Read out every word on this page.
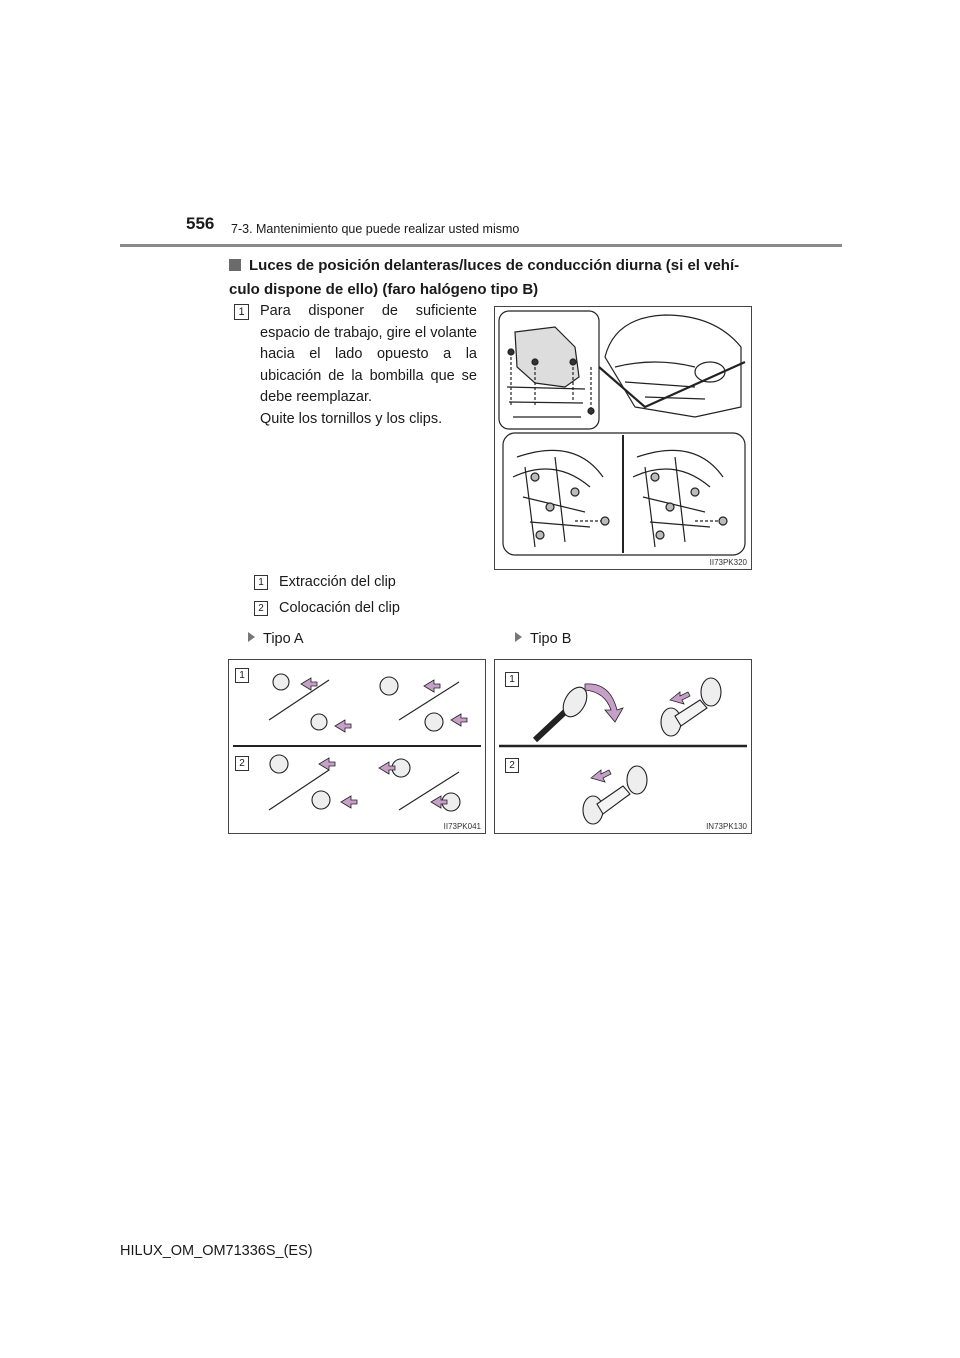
556 7-3. Mantenimiento que puede realizar usted mismo
Luces de posición delanteras/luces de conducción diurna (si el vehí- culo dispone de ello) (faro halógeno tipo B)
1	Para disponer de suficiente espacio de trabajo, gire el volante hacia el lado opuesto a la ubicación de la bombilla que se debe reemplazar.
Quite los tornillos y los clips.
II73PK320
1 Extracción del clip
2 Colocación del clip
Tipo A	Tipo B
1
2
II73PK041
1
2
IN73PK130
HILUX_OM_OM71336S_(ES)
